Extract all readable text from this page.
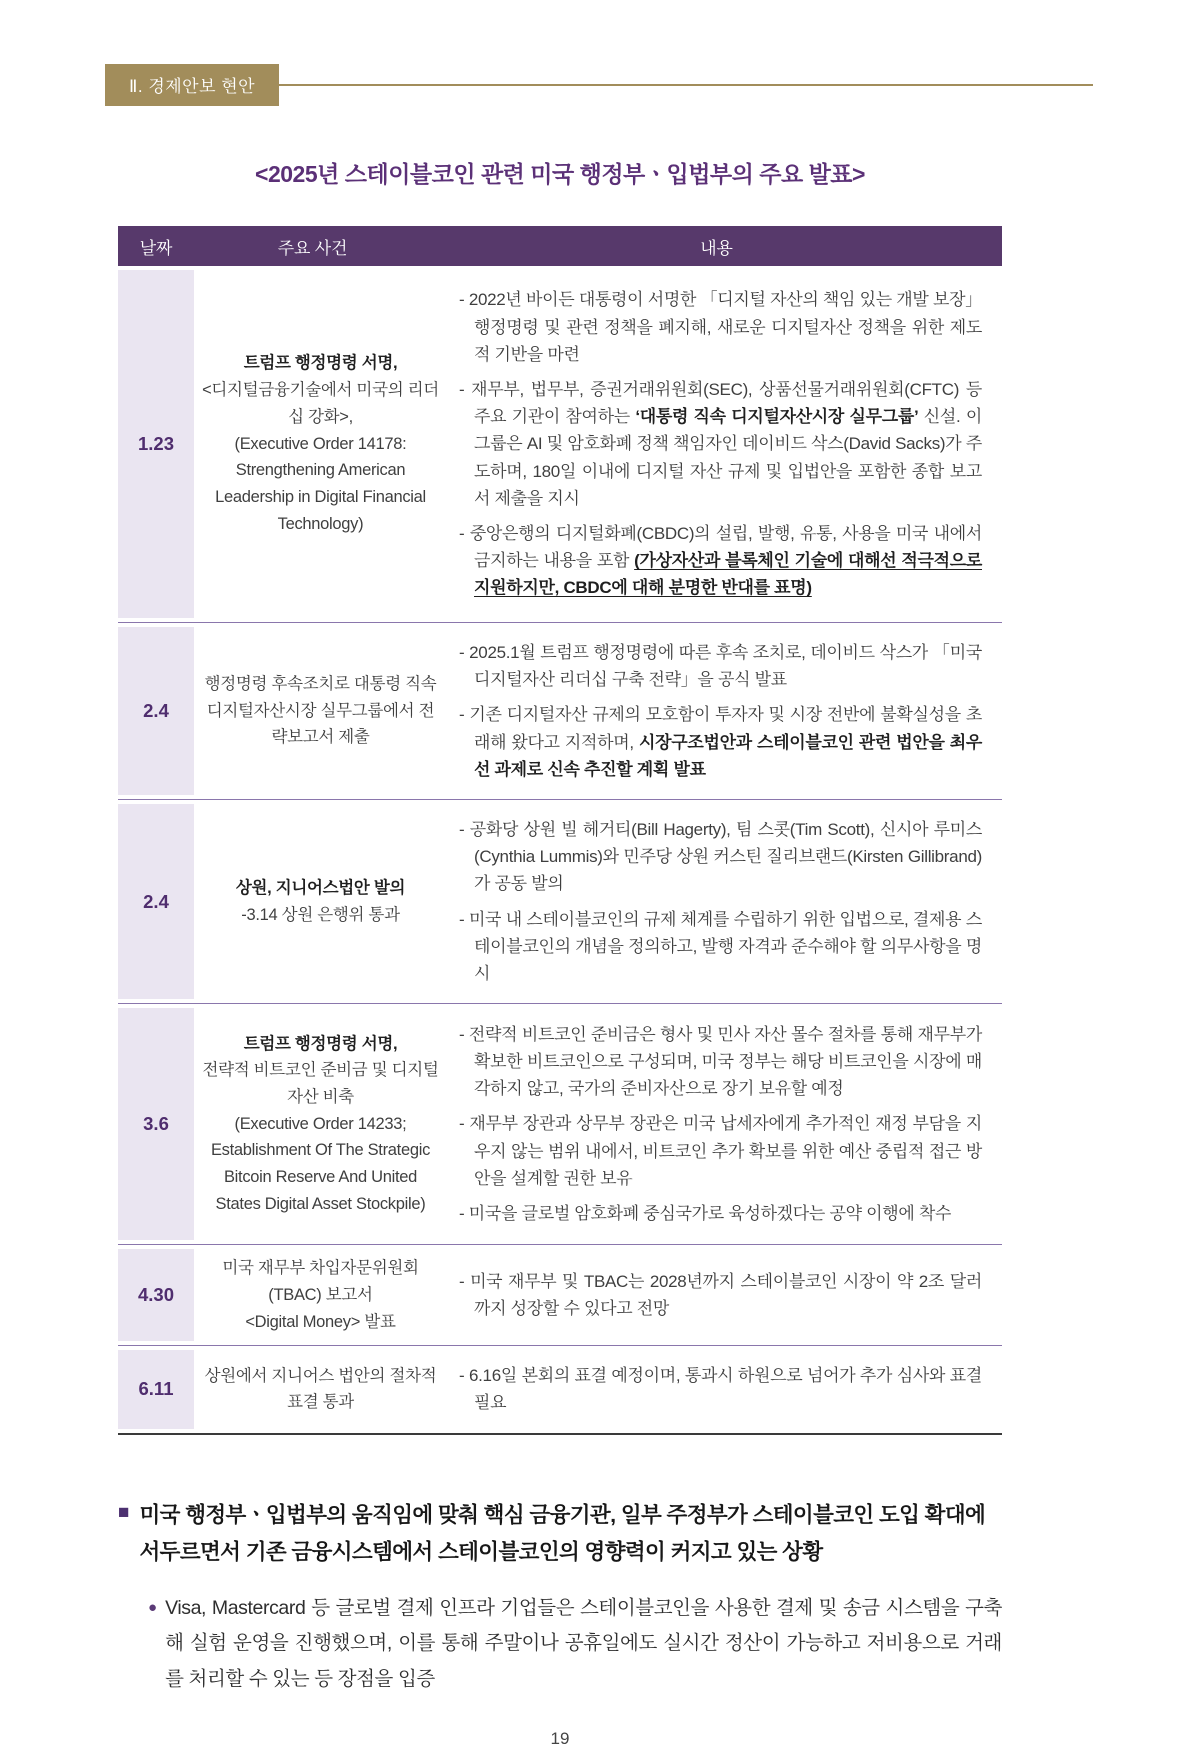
Ⅱ. 경제안보 현안
<2025년 스테이블코인 관련 미국 행정부ㆍ입법부의 주요 발표>
날짜	주요 사건	내용
1.23
트럼프 행정명령 서명,
<디지털금융기술에서 미국의 리더십 강화>,
(Executive Order 14178: Strengthening American Leadership in Digital Financial Technology)
- 2022년 바이든 대통령이 서명한 「디지털 자산의 책임 있는 개발 보장」 행정명령 및 관련 정책을 폐지해, 새로운 디지털자산 정책을 위한 제도적 기반을 마련
- 재무부, 법무부, 증권거래위원회(SEC), 상품선물거래위원회(CFTC) 등 주요 기관이 참여하는 ‘대통령 직속 디지털자산시장 실무그룹’ 신설. 이 그룹은 AI 및 암호화폐 정책 책임자인 데이비드 삭스(David Sacks)가 주도하며, 180일 이내에 디지털 자산 규제 및 입법안을 포함한 종합 보고서 제출을 지시
- 중앙은행의 디지털화폐(CBDC)의 설립, 발행, 유통, 사용을 미국 내에서 금지하는 내용을 포함 (가상자산과 블록체인 기술에 대해선 적극적으로 지원하지만, CBDC에 대해 분명한 반대를 표명)
2.4
행정명령 후속조치로 대통령 직속 디지털자산시장 실무그룹에서 전략보고서 제출
- 2025.1월 트럼프 행정명령에 따른 후속 조치로, 데이비드 삭스가 「미국 디지털자산 리더십 구축 전략」을 공식 발표
- 기존 디지털자산 규제의 모호함이 투자자 및 시장 전반에 불확실성을 초래해 왔다고 지적하며, 시장구조법안과 스테이블코인 관련 법안을 최우선 과제로 신속 추진할 계획 발표
2.4
상원, 지니어스법안 발의
-3.14 상원 은행위 통과
- 공화당 상원 빌 헤거티(Bill Hagerty), 팀 스콧(Tim Scott), 신시아 루미스 (Cynthia Lummis)와 민주당 상원 커스틴 질리브랜드(Kirsten Gillibrand)가 공동 발의
- 미국 내 스테이블코인의 규제 체계를 수립하기 위한 입법으로, 결제용 스테이블코인의 개념을 정의하고, 발행 자격과 준수해야 할 의무사항을 명시
3.6
트럼프 행정명령 서명,
전략적 비트코인 준비금 및 디지털자산 비축
(Executive Order 14233; Establishment Of The Strategic Bitcoin Reserve And United States Digital Asset Stockpile)
- 전략적 비트코인 준비금은 형사 및 민사 자산 몰수 절차를 통해 재무부가 확보한 비트코인으로 구성되며, 미국 정부는 해당 비트코인을 시장에 매각하지 않고, 국가의 준비자산으로 장기 보유할 예정
- 재무부 장관과 상무부 장관은 미국 납세자에게 추가적인 재정 부담을 지우지 않는 범위 내에서, 비트코인 추가 확보를 위한 예산 중립적 접근 방안을 설계할 권한 보유
- 미국을 글로벌 암호화폐 중심국가로 육성하겠다는 공약 이행에 착수
4.30
미국 재무부 차입자문위원회 (TBAC) 보고서
<Digital Money> 발표
- 미국 재무부 및 TBAC는 2028년까지 스테이블코인 시장이 약 2조 달러까지 성장할 수 있다고 전망
6.11
상원에서 지니어스 법안의 절차적 표결 통과
- 6.16일 본회의 표결 예정이며, 통과시 하원으로 넘어가 추가 심사와 표결 필요
■ 미국 행정부ㆍ입법부의 움직임에 맞춰 핵심 금융기관, 일부 주정부가 스테이블코인 도입 확대에 서두르면서 기존 금융시스템에서 스테이블코인의 영향력이 커지고 있는 상황
● Visa, Mastercard 등 글로벌 결제 인프라 기업들은 스테이블코인을 사용한 결제 및 송금 시스템을 구축해 실험 운영을 진행했으며, 이를 통해 주말이나 공휴일에도 실시간 정산이 가능하고 저비용으로 거래를 처리할 수 있는 등 장점을 입증
19
